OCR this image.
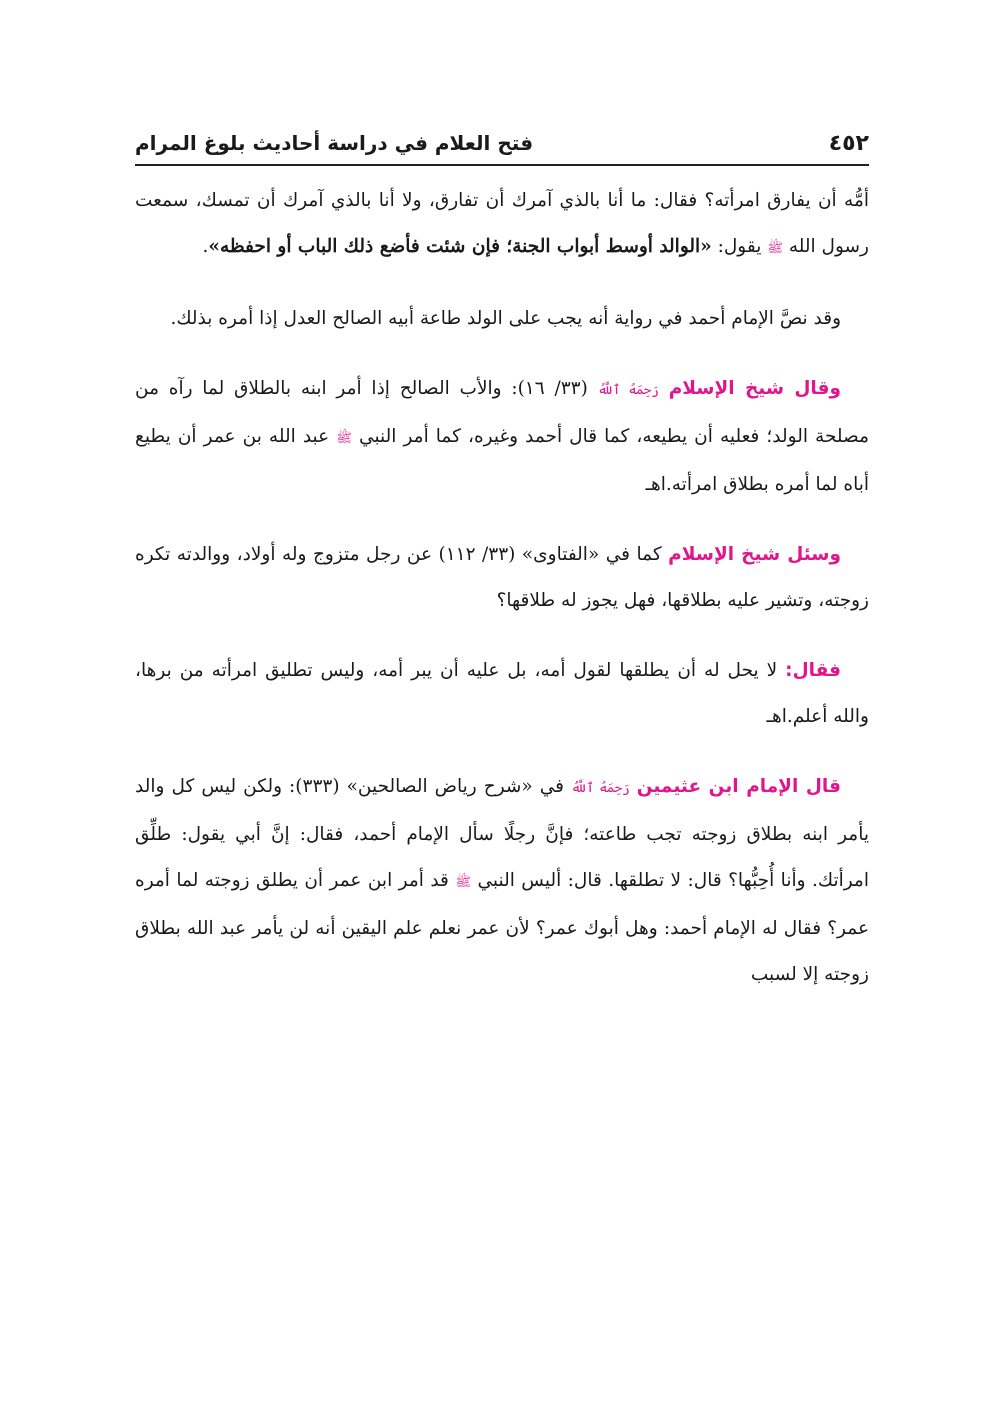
٤٥٢
فتح العلام في دراسة أحاديث بلوغ المرام

أمُّه أن يفارق امرأته؟ فقال: ما أنا بالذي آمرك أن تفارق، ولا أنا بالذي آمرك أن تمسك، سمعت رسول الله ﷺ يقول: «الوالد أوسط أبواب الجنة؛ فإن شئت فأضع ذلك الباب أو احفظه».

وقد نصَّ الإمام أحمد في رواية أنه يجب على الولد طاعة أبيه الصالح العدل إذا أمره بذلك.

وقال شيخ الإسلام رَحِمَهُ ٱللَّهُ (٣٣/ ١٦): والأب الصالح إذا أمر ابنه بالطلاق لما رآه من مصلحة الولد؛ فعليه أن يطيعه، كما قال أحمد وغيره، كما أمر النبي ﷺ عبد الله بن عمر أن يطيع أباه لما أمره بطلاق امرأته.اهـ

وسئل شيخ الإسلام كما في «الفتاوى» (٣٣/ ١١٢) عن رجل متزوج وله أولاد، ووالدته تكره زوجته، وتشير عليه بطلاقها، فهل يجوز له طلاقها؟

فقال: لا يحل له أن يطلقها لقول أمه، بل عليه أن يبر أمه، وليس تطليق امرأته من برها، والله أعلم.اهـ

قال الإمام ابن عثيمين رَحِمَهُ ٱللَّهُ في «شرح رياض الصالحين» (٣٣٣): ولكن ليس كل والد يأمر ابنه بطلاق زوجته تجب طاعته؛ فإنَّ رجلًا سأل الإمام أحمد، فقال: إنَّ أبي يقول: طلِّق امرأتك. وأنا أُحِبُّها؟ قال: لا تطلقها. قال: أليس النبي ﷺ قد أمر ابن عمر أن يطلق زوجته لما أمره عمر؟ فقال له الإمام أحمد: وهل أبوك عمر؟ لأن عمر نعلم علم اليقين أنه لن يأمر عبد الله بطلاق زوجته إلا لسبب
